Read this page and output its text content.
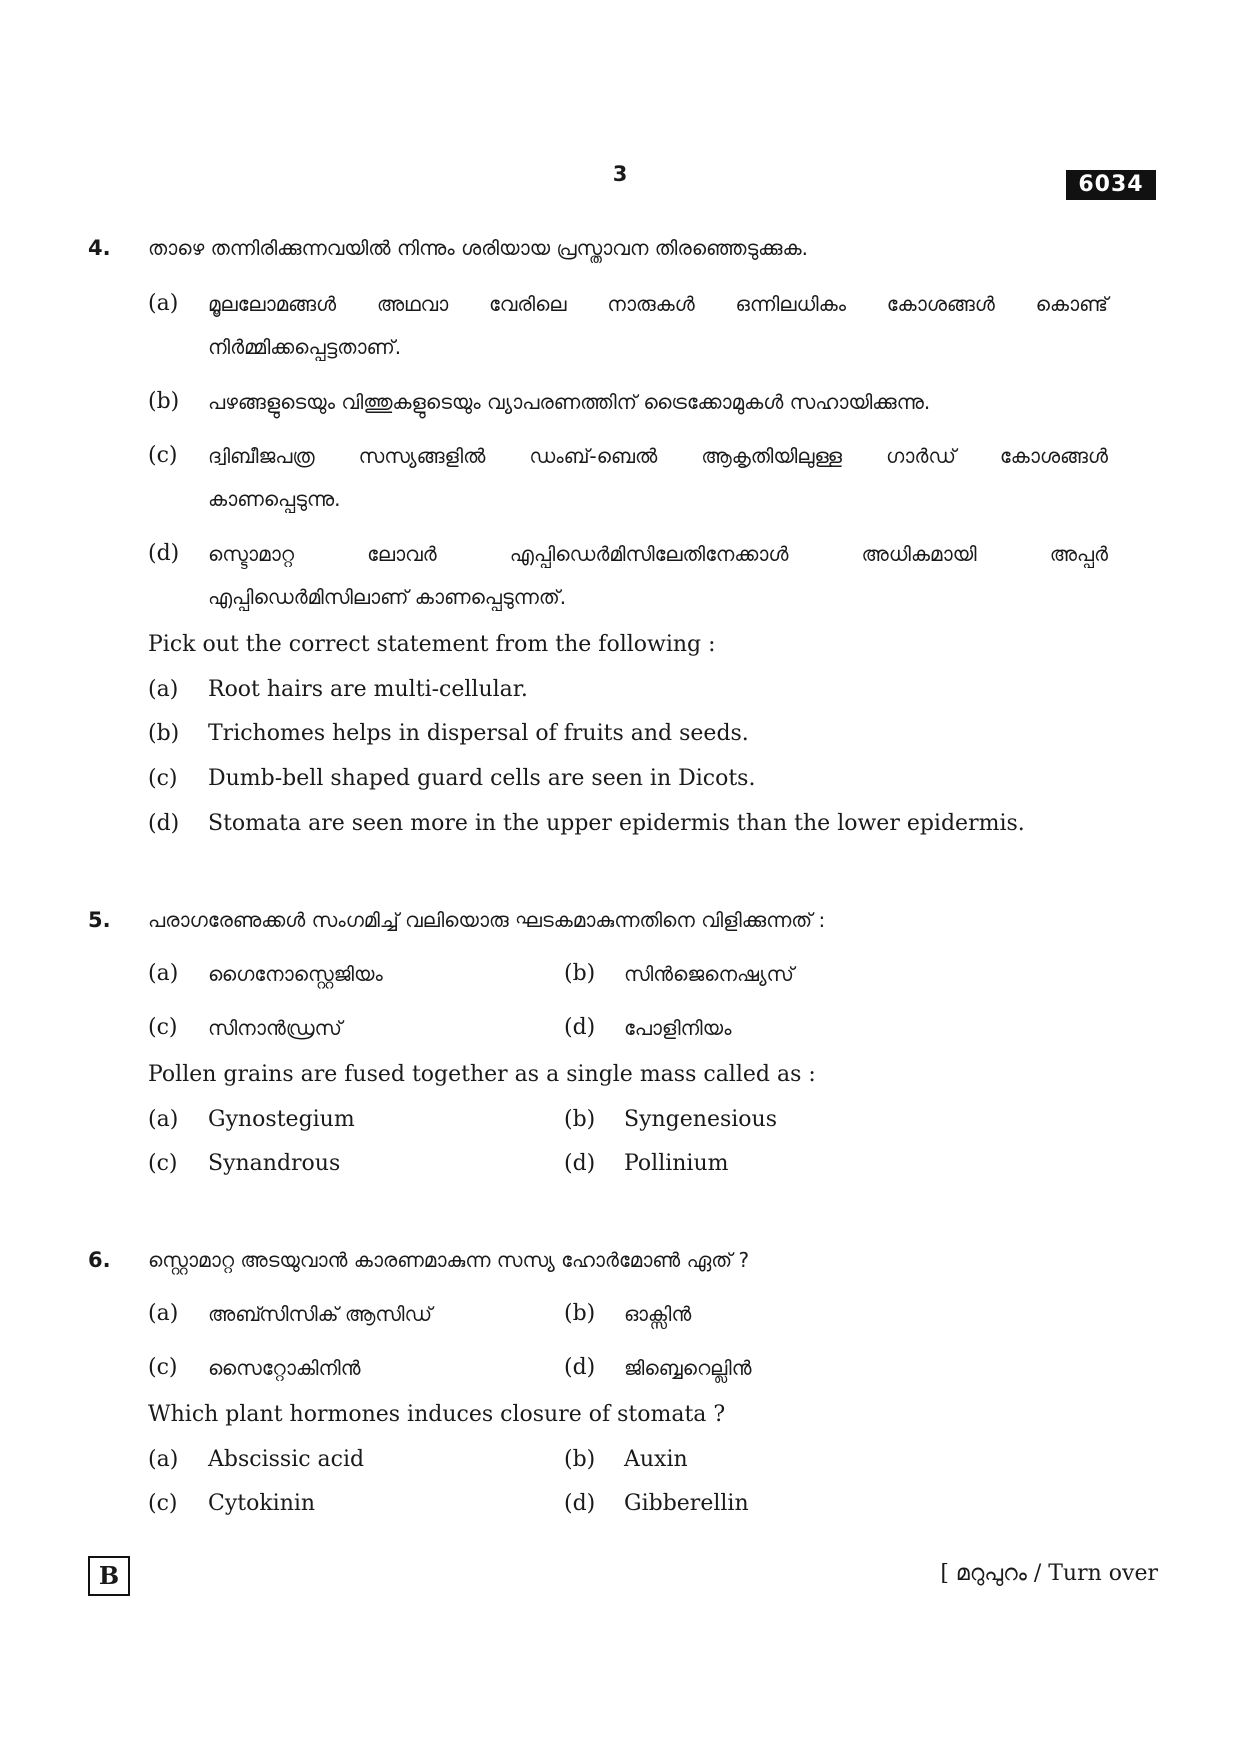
3	6034
4. താഴെ തന്നിരിക്കുന്നവയിൽ നിന്നും ശരിയായ പ്രസ്താവന തിരഞ്ഞെടുക്കുക.
(a) മൂലലോമങ്ങൾ അഥവാ വേരിലെ നാരുകൾ ഒന്നിലധികം കോശങ്ങൾ കൊണ്ട്
നിർമ്മിക്കപ്പെട്ടതാണ്.
(b) പഴങ്ങളുടെയും വിത്തുകളുടെയും വ്യാപരണത്തിന് ട്രൈക്കോമുകൾ സഹായിക്കുന്നു.
(c) ദ്വിബീജപത്ര സസ്യങ്ങളിൽ ഡംബ്-ബെൽ ആകൃതിയിലുള്ള ഗാർഡ് കോശങ്ങൾ
കാണപ്പെടുന്നു.
(d) സ്ടൊമാറ്റ ലോവർ എപ്പിഡെർമിസിലേതിനേക്കാൾ അധികമായി അപ്പർ
എപ്പിഡെർമിസിലാണ് കാണപ്പെടുന്നത്.
Pick out the correct statement from the following :
(a) Root hairs are multi-cellular.
(b) Trichomes helps in dispersal of fruits and seeds.
(c) Dumb-bell shaped guard cells are seen in Dicots.
(d) Stomata are seen more in the upper epidermis than the lower epidermis.
5. പരാഗരേണുക്കൾ സംഗമിച്ച് വലിയൊരു ഘടകമാകുന്നതിനെ വിളിക്കുന്നത് :
(a) ഗൈനോസ്റ്റെജിയം	(b) സിൻജെനെഷ്യസ്
(c) സിനാൻഡ്രസ്	(d) പോളിനിയം
Pollen grains are fused together as a single mass called as :
(a) Gynostegium	(b) Syngenesious
(c) Synandrous	(d) Pollinium
6. സ്റ്റൊമാറ്റ അടയുവാൻ കാരണമാകുന്ന സസ്യ ഹോർമോൺ ഏത് ?
(a) അബ്സിസിക് ആസിഡ്	(b) ഓക്സിൻ
(c) സൈറ്റോകിനിൻ	(d) ജിബ്ബെറെല്ലിൻ
Which plant hormones induces closure of stomata ?
(a) Abscissic acid	(b) Auxin
(c) Cytokinin	(d) Gibberellin
B	[ മറുപുറം / Turn over
